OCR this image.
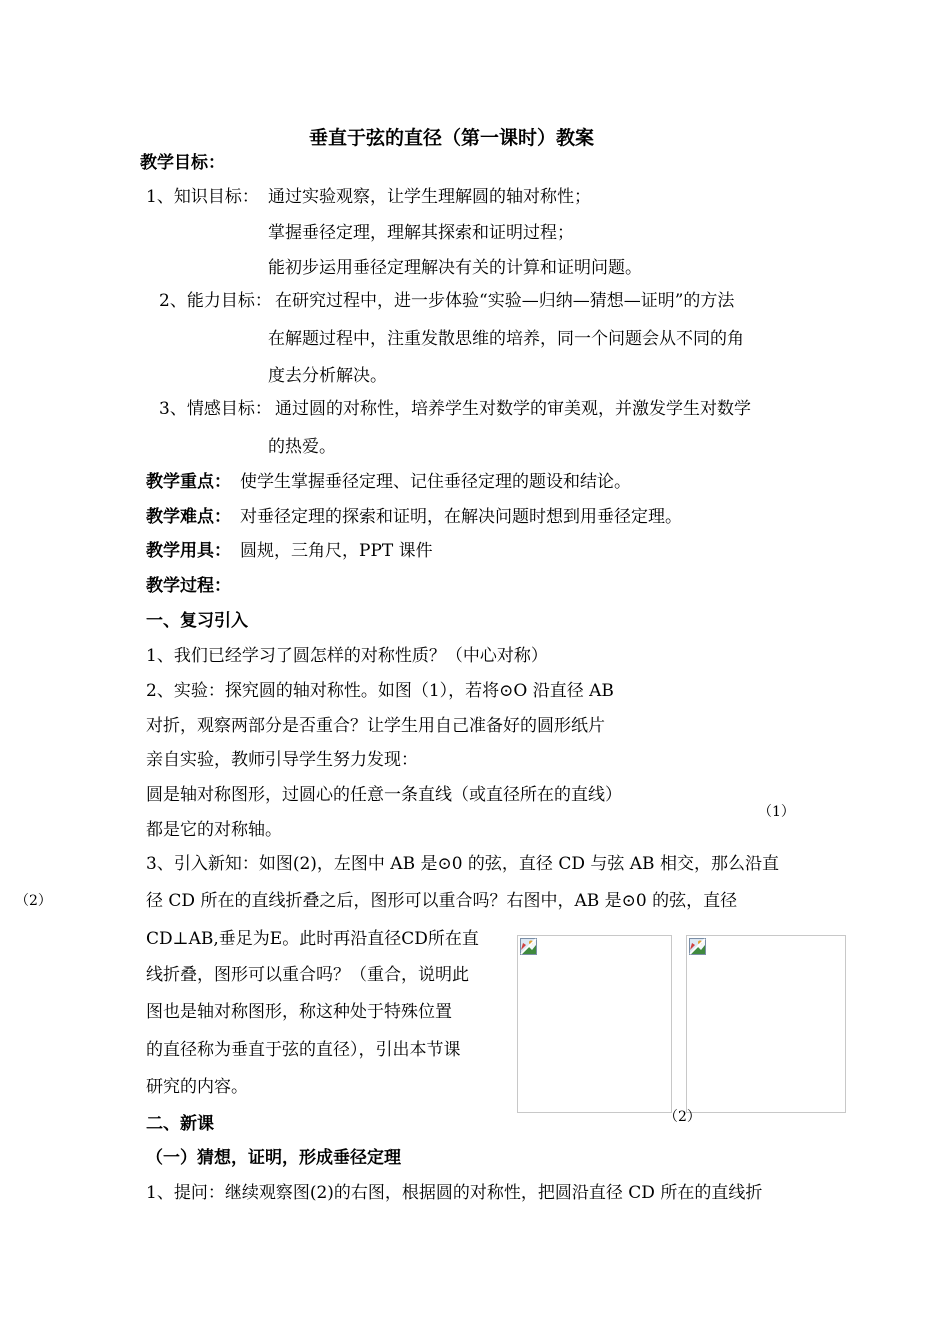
垂直于弦的直径（第一课时）教案
教学目标：
1、知识目标： 通过实验观察，让学生理解圆的轴对称性；
掌握垂径定理，理解其探索和证明过程；
能初步运用垂径定理解决有关的计算和证明问题。
2、能力目标： 在研究过程中，进一步体验“实验—归纳—猜想—证明”的方法
在解题过程中，注重发散思维的培养，同一个问题会从不同的角
度去分析解决。
3、情感目标： 通过圆的对称性，培养学生对数学的审美观，并激发学生对数学
的热爱。
教学重点： 使学生掌握垂径定理、记住垂径定理的题设和结论。
教学难点： 对垂径定理的探索和证明，在解决问题时想到用垂径定理。
教学用具： 圆规，三角尺，PPT 课件
教学过程：
一、复习引入
1、我们已经学习了圆怎样的对称性质？（中心对称）
2、实验：探究圆的轴对称性。如图（1），若将⊙O 沿直径 AB
对折，观察两部分是否重合？让学生用自己准备好的圆形纸片
亲自实验，教师引导学生努力发现：
圆是轴对称图形，过圆心的任意一条直线（或直径所在的直线）
都是它的对称轴。
（1）
3、引入新知：如图(2)，左图中 AB 是⊙0 的弦，直径 CD 与弦 AB 相交，那么沿直
（2）	径 CD 所在的直线折叠之后，图形可以重合吗？右图中，AB 是⊙0 的弦，直径
CD⊥AB,垂足为E。此时再沿直径CD所在直
线折叠，图形可以重合吗？（重合，说明此
图也是轴对称图形，称这种处于特殊位置
的直径称为垂直于弦的直径），引出本节课
研究的内容。
（2）
二、新课
（一）猜想，证明，形成垂径定理
1、提问：继续观察图(2)的右图，根据圆的对称性，把圆沿直径 CD 所在的直线折
